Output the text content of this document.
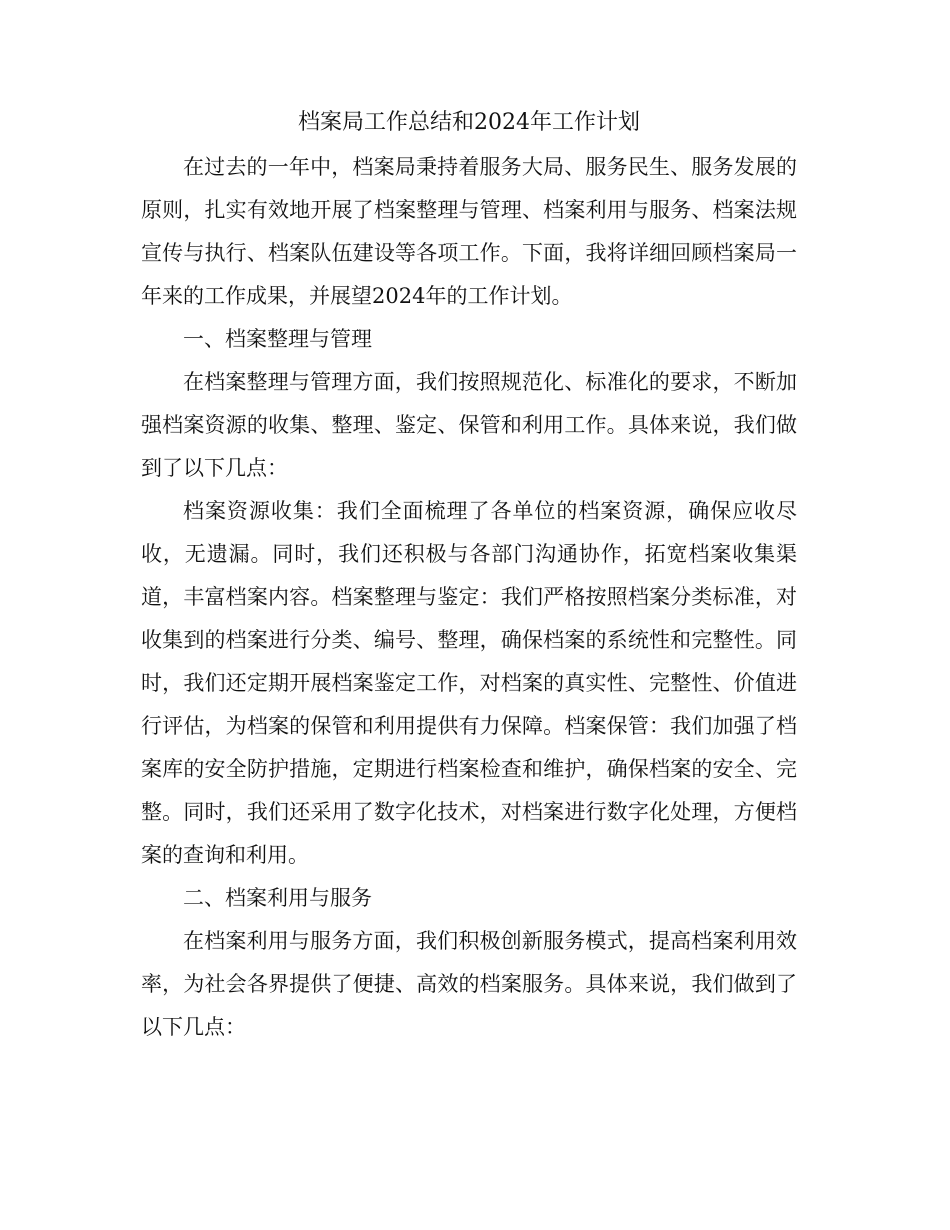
档案局工作总结和2024年工作计划

在过去的一年中，档案局秉持着服务大局、服务民生、服务发展的原则，扎实有效地开展了档案整理与管理、档案利用与服务、档案法规宣传与执行、档案队伍建设等各项工作。下面，我将详细回顾档案局一年来的工作成果，并展望2024年的工作计划。

一、档案整理与管理

在档案整理与管理方面，我们按照规范化、标准化的要求，不断加强档案资源的收集、整理、鉴定、保管和利用工作。具体来说，我们做到了以下几点：

档案资源收集：我们全面梳理了各单位的档案资源，确保应收尽收，无遗漏。同时，我们还积极与各部门沟通协作，拓宽档案收集渠道，丰富档案内容。档案整理与鉴定：我们严格按照档案分类标准，对收集到的档案进行分类、编号、整理，确保档案的系统性和完整性。同时，我们还定期开展档案鉴定工作，对档案的真实性、完整性、价值进行评估，为档案的保管和利用提供有力保障。档案保管：我们加强了档案库的安全防护措施，定期进行档案检查和维护，确保档案的安全、完整。同时，我们还采用了数字化技术，对档案进行数字化处理，方便档案的查询和利用。

二、档案利用与服务

在档案利用与服务方面，我们积极创新服务模式，提高档案利用效率，为社会各界提供了便捷、高效的档案服务。具体来说，我们做到了以下几点：
